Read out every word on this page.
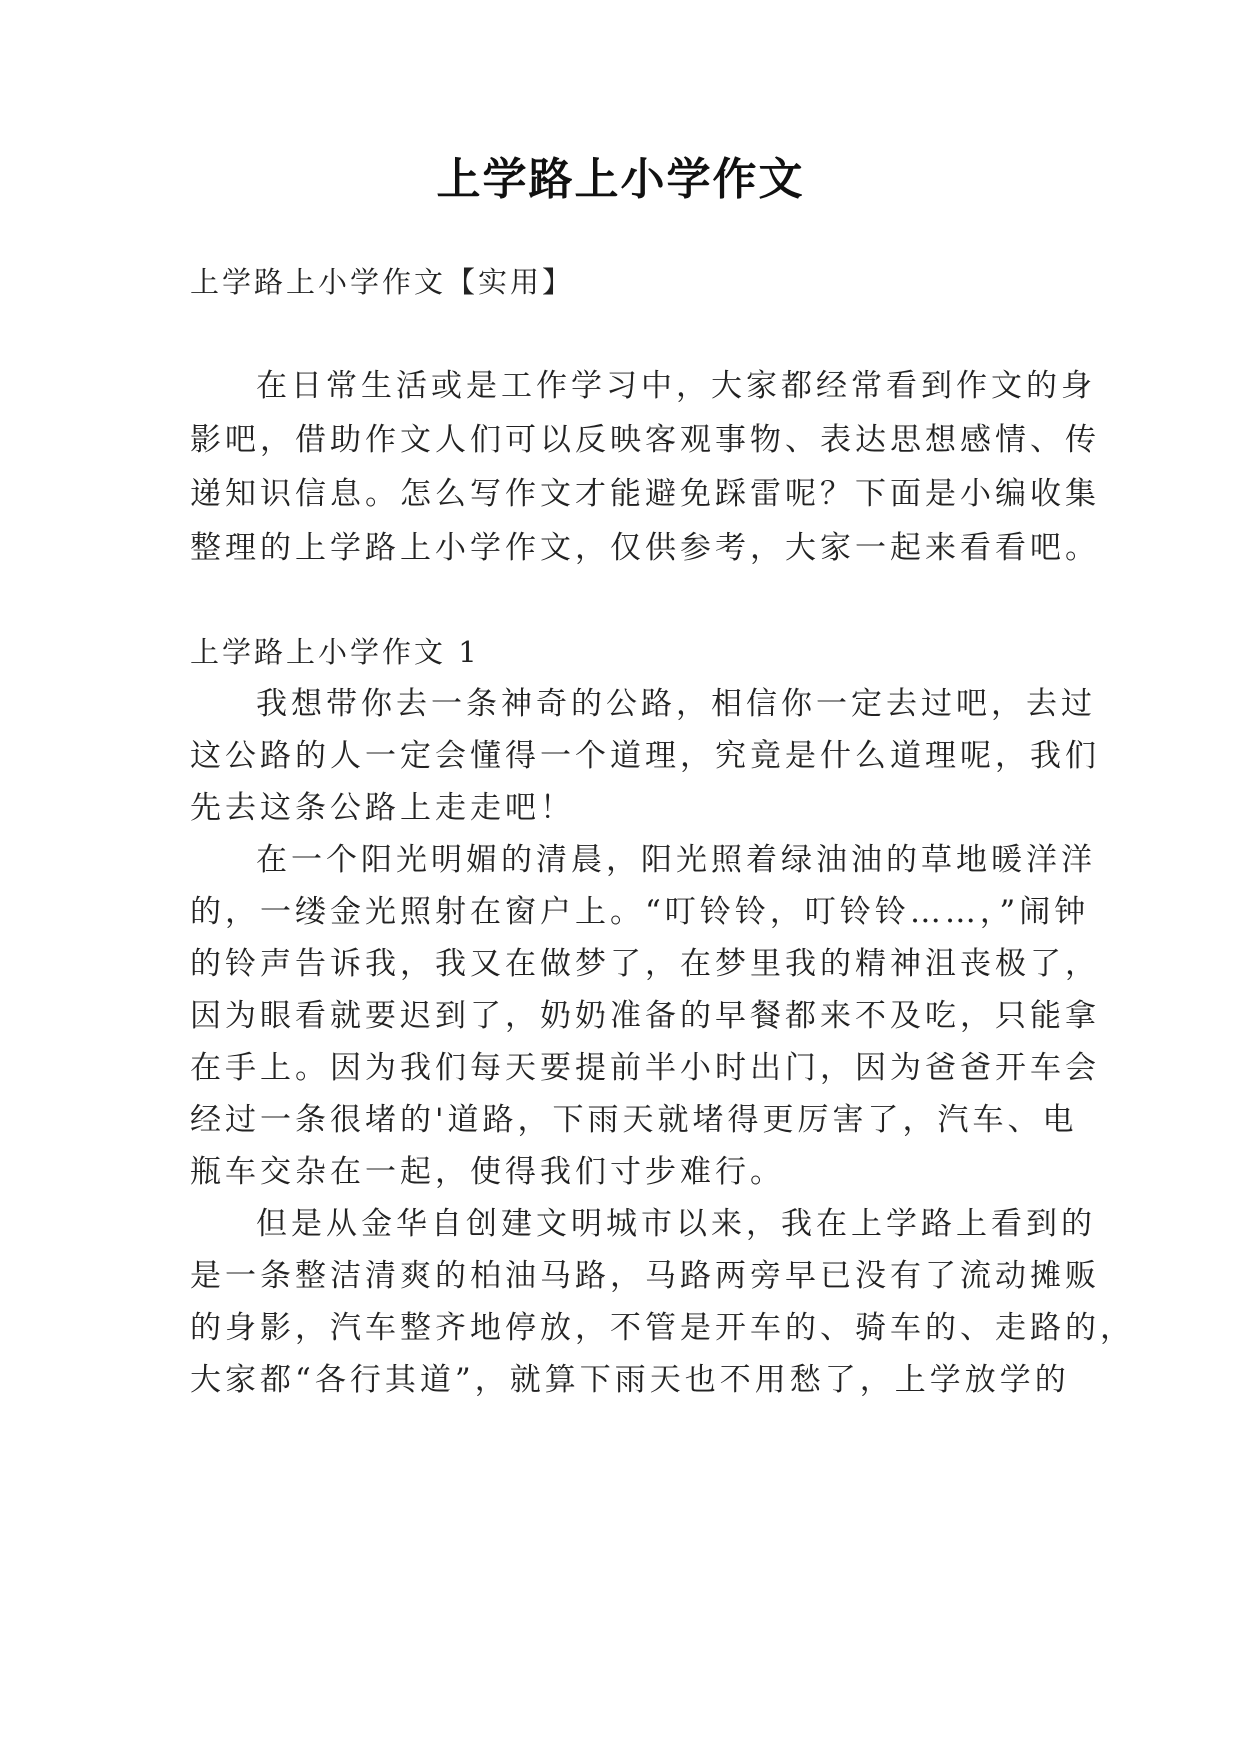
上学路上小学作文
上学路上小学作文【实用】
在日常生活或是工作学习中，大家都经常看到作文的身
影吧，借助作文人们可以反映客观事物、表达思想感情、传
递知识信息。怎么写作文才能避免踩雷呢？下面是小编收集
整理的上学路上小学作文，仅供参考，大家一起来看看吧。
上学路上小学作文 1
我想带你去一条神奇的公路，相信你一定去过吧，去过
这公路的人一定会懂得一个道理，究竟是什么道理呢，我们
先去这条公路上走走吧！
在一个阳光明媚的清晨，阳光照着绿油油的草地暖洋洋
的，一缕金光照射在窗户上。“叮铃铃，叮铃铃……，”闹钟
的铃声告诉我，我又在做梦了，在梦里我的精神沮丧极了，
因为眼看就要迟到了，奶奶准备的早餐都来不及吃，只能拿
在手上。因为我们每天要提前半小时出门，因为爸爸开车会
经过一条很堵的'道路，下雨天就堵得更厉害了，汽车、电
瓶车交杂在一起，使得我们寸步难行。
但是从金华自创建文明城市以来，我在上学路上看到的
是一条整洁清爽的柏油马路，马路两旁早已没有了流动摊贩
的身影，汽车整齐地停放，不管是开车的、骑车的、走路的，
大家都“各行其道”，就算下雨天也不用愁了，上学放学的
